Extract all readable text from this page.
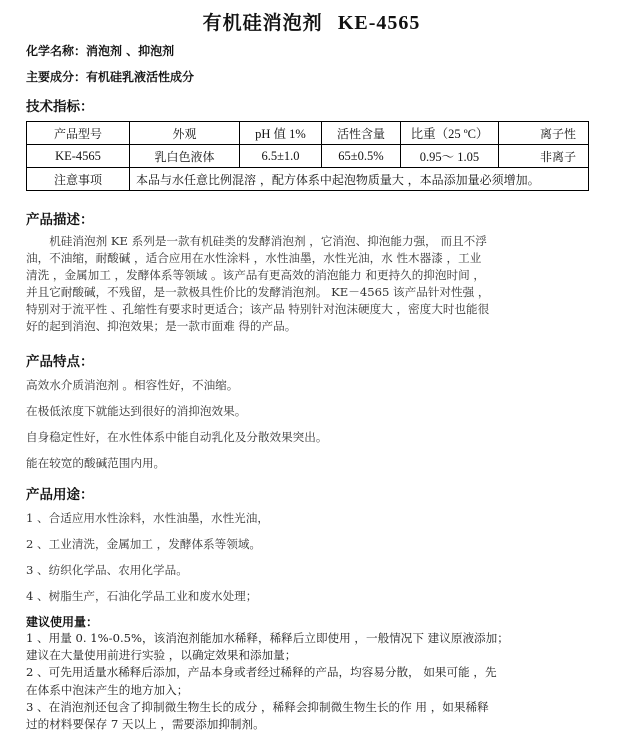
有机硅消泡剂 KE-4565

化学名称：消泡剂 、抑泡剂

主要成分：有机硅乳液活性成分

技术指标：

产品型号	外观	pH 值 1%	活性含量	比重（25 ºC）	离子性
KE-4565	乳白色液体	6.5±1.0	65±0.5%	0.95～ 1.05	非离子
注意事项	本品与水任意比例混溶 ，配方体系中起泡物质量大 ，本品添加量必须增加。				

产品描述：

　　机硅消泡剂 KE 系列是一款有机硅类的发酵消泡剂 ，它消泡、抑泡能力强， 而且不浮
油，不油缩，耐酸碱 ，适合应用在水性涂料 ，水性油墨，水性光油，水 性木器漆 ，工业
清洗 ，金属加工 ，发酵体系等领域 。该产品有更高效的消泡能力 和更持久的抑泡时间 ，
并且它耐酸碱，不残留，是一款极具性价比的发酵消泡剂。 KE－4565 该产品针对性强 ，
特别对于流平性 、孔缩性有要求时更适合；该产品 特别针对泡沫硬度大 ，密度大时也能很
好的起到消泡、抑泡效果；是一款市面难 得的产品。

产品特点：

高效水介质消泡剂 。相容性好，不油缩。

在极低浓度下就能达到很好的消抑泡效果。

自身稳定性好，在水性体系中能自动乳化及分散效果突出。

能在较宽的酸碱范围内用。

产品用途：

1 、合适应用水性涂料，水性油墨，水性光油，

2 、工业清洗，金属加工 ，发酵体系等领域。

3 、纺织化学品、农用化学品。

4 、树脂生产，石油化学品工业和废水处理；

建议使用量：

1 、用量 0. 1%-0.5%，该消泡剂能加水稀释，稀释后立即使用 ，一般情况下 建议原液添加；
建议在大量使用前进行实验 ，以确定效果和添加量；
2 、可先用适量水稀释后添加，产品本身或者经过稀释的产品，均容易分散， 如果可能 ，先
在体系中泡沫产生的地方加入；
3 、在消泡剂还包含了抑制微生物生长的成分 ，稀释会抑制微生物生长的作 用 ，如果稀释
过的材料要保存 7 天以上 ，需要添加抑制剂。
